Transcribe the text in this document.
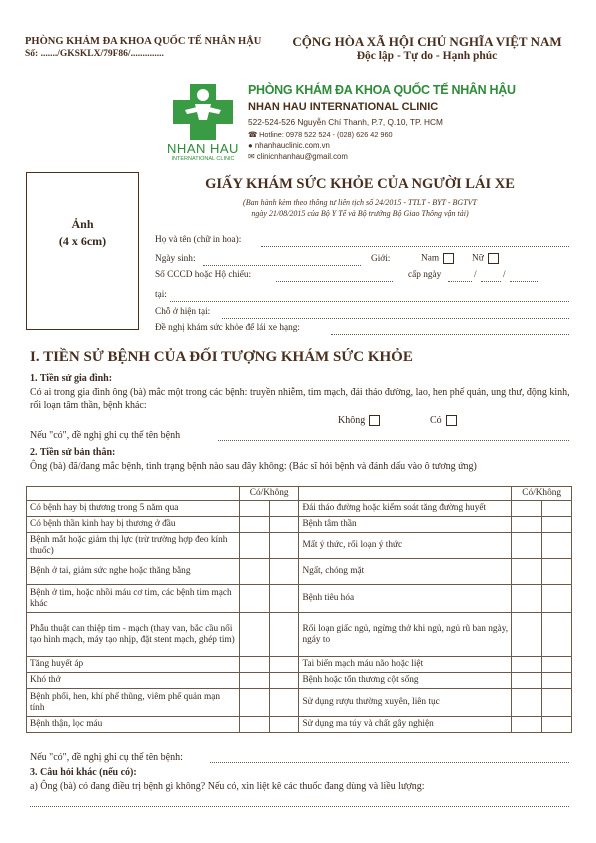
PHÒNG KHÁM ĐA KHOA QUỐC TẾ NHÂN HẬU
Số: ......./GKSKLX/79F86/..............
CỘNG HÒA XÃ HỘI CHỦ NGHĨA VIỆT NAM
Độc lập - Tự do - Hạnh phúc
NHAN HAU
INTERNATIONAL CLINIC
PHÒNG KHÁM ĐA KHOA QUỐC TẾ NHÂN HẬU
NHAN HAU INTERNATIONAL CLINIC
522-524-526 Nguyễn Chí Thanh, P.7, Q.10, TP. HCM
☎ Hotline: 0978 522 524 - (028) 626 42 960
● nhanhauclinic.com.vn
✉ clinicnhanhau@gmail.com
Ảnh
(4 x 6cm)
GIẤY KHÁM SỨC KHỎE CỦA NGƯỜI LÁI XE
(Ban hành kèm theo thông tư liên tịch số 24/2015 - TTLT - BYT - BGTVT
ngày 21/08/2015 của Bộ Y Tế và Bộ trưởng Bộ Giao Thông vận tải)
Họ và tên (chữ in hoa):
Ngày sinh:	Giới:	Nam	Nữ
Số CCCD hoặc Hộ chiếu:	cấp ngày	/	/
tại:
Chỗ ở hiện tại:
Đề nghị khám sức khỏe để lái xe hạng:
I. TIỀN SỬ BỆNH CỦA ĐỐI TƯỢNG KHÁM SỨC KHỎE
1. Tiền sử gia đình:
Có ai trong gia đình ông (bà) mắc một trong các bệnh: truyền nhiễm, tim mạch, đái tháo đường, lao, hen phế quản, ung thư, động kinh, rối loạn tâm thần, bệnh khác:
Không	Có
Nếu "có", đề nghị ghi cụ thể tên bệnh
2. Tiền sử bản thân:
Ông (bà) đã/đang mắc bệnh, tình trạng bệnh nào sau đây không: (Bác sĩ hỏi bệnh và đánh dấu vào ô tương ứng)
	Có/Không			Có/Không	
Có bệnh hay bị thương trong 5 năm qua			Đái tháo đường hoặc kiểm soát tăng đường huyết		
Có bệnh thần kinh hay bị thương ở đầu			Bệnh tâm thần		
Bệnh mắt hoặc giảm thị lực (trừ trường hợp đeo kính thuốc)			Mất ý thức, rối loạn ý thức		
Bệnh ở tai, giảm sức nghe hoặc thăng bằng			Ngất, chóng mặt		
Bệnh ở tim, hoặc nhồi máu cơ tim, các bệnh tim mạch khác			Bệnh tiêu hóa		
Phẫu thuật can thiệp tim - mạch (thay van, bắc cầu nối tạo hình mạch, máy tạo nhịp, đặt stent mạch, ghép tim)			Rối loạn giấc ngủ, ngừng thở khi ngủ, ngủ rũ ban ngày, ngáy to		
Tăng huyết áp			Tai biến mạch máu não hoặc liệt		
Khó thở			Bệnh hoặc tổn thương cột sống		
Bệnh phổi, hen, khí phế thũng, viêm phế quản mạn tính			Sử dụng rượu thường xuyên, liên tục		
Bệnh thận, lọc máu			Sử dụng ma túy và chất gây nghiện		
Nếu "có", đề nghị ghi cụ thể tên bệnh:
3. Câu hỏi khác (nếu có):
a) Ông (bà) có đang điều trị bệnh gì không? Nếu có, xin liệt kê các thuốc đang dùng và liều lượng:
